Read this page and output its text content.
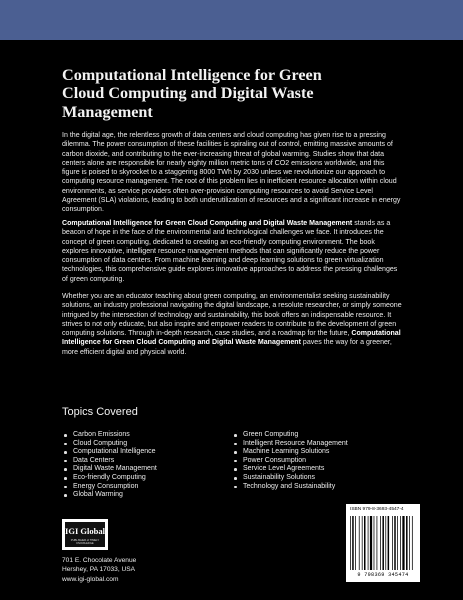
Computational Intelligence for Green
Cloud Computing and Digital Waste
Management

In the digital age, the relentless growth of data centers and cloud computing has given rise to a pressing dilemma. The power consumption of these facilities is spiraling out of control, emitting massive amounts of carbon dioxide, and contributing to the ever-increasing threat of global warming. Studies show that data centers alone are responsible for nearly eighty million metric tons of CO2 emissions worldwide, and this figure is poised to skyrocket to a staggering 8000 TWh by 2030 unless we revolutionize our approach to computing resource management. The root of this problem lies in inefficient resource allocation within cloud environments, as service providers often over-provision computing resources to avoid Service Level Agreement (SLA) violations, leading to both underutilization of resources and a significant increase in energy consumption.

Computational Intelligence for Green Cloud Computing and Digital Waste Management stands as a beacon of hope in the face of the environmental and technological challenges we face. It introduces the concept of green computing, dedicated to creating an eco-friendly computing environment. The book explores innovative, intelligent resource management methods that can significantly reduce the power consumption of data centers. From machine learning and deep learning solutions to green virtualization technologies, this comprehensive guide explores innovative approaches to address the pressing challenges of green computing.

Whether you are an educator teaching about green computing, an environmentalist seeking sustainability solutions, an industry professional navigating the digital landscape, a resolute researcher, or simply someone intrigued by the intersection of technology and sustainability, this book offers an indispensable resource. It strives to not only educate, but also inspire and empower readers to contribute to the development of green computing solutions. Through in-depth research, case studies, and a roadmap for the future, Computational Intelligence for Green Cloud Computing and Digital Waste Management paves the way for a greener, more efficient digital and physical world.

Topics Covered
Carbon Emissions
Cloud Computing
Computational Intelligence
Data Centers
Digital Waste Management
Eco-friendly Computing
Energy Consumption
Global Warming
Green Computing
Intelligent Resource Management
Machine Learning Solutions
Power Consumption
Service Level Agreements
Sustainability Solutions
Technology and Sustainability
IGI Global
PUBLISHER of TIMELY KNOWLEDGE
701 E. Chocolate Avenue
Hershey, PA 17033, USA
www.igi-global.com
ISBN 979-8-3693-4547-4
9 798369 345474
